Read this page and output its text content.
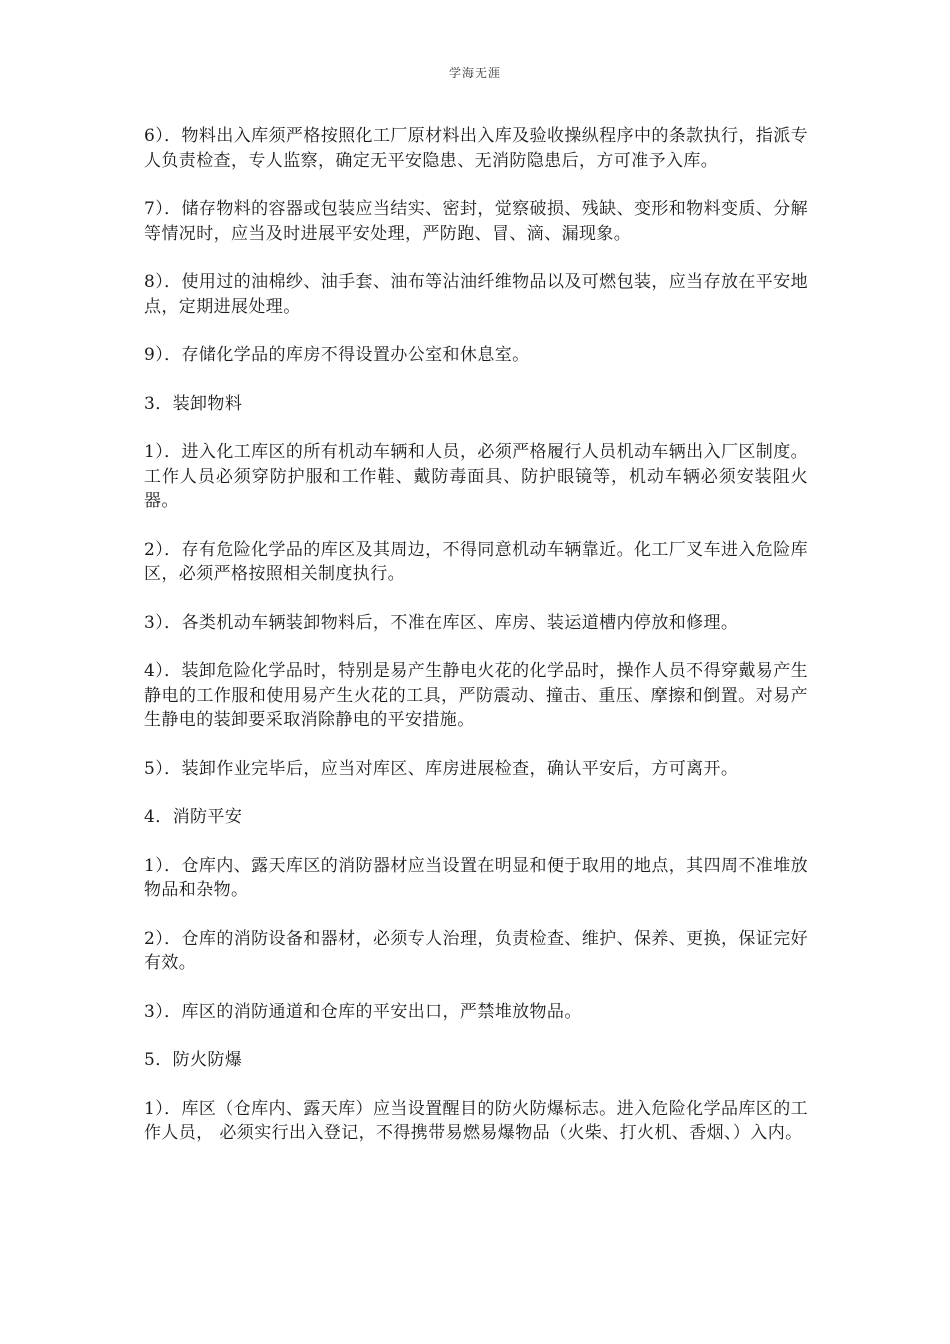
学海无涯

6）．物料出入库须严格按照化工厂原材料出入库及验收操纵程序中的条款执行，指派专人负责检查，专人监察，确定无平安隐患、无消防隐患后，方可准予入库。

7）．储存物料的容器或包装应当结实、密封，觉察破损、残缺、变形和物料变质、分解等情况时，应当及时进展平安处理，严防跑、冒、滴、漏现象。

8）．使用过的油棉纱、油手套、油布等沾油纤维物品以及可燃包装，应当存放在平安地点，定期进展处理。

9）．存储化学品的库房不得设置办公室和休息室。

3．装卸物料

1）．进入化工库区的所有机动车辆和人员，必须严格履行人员机动车辆出入厂区制度。工作人员必须穿防护服和工作鞋、戴防毒面具、防护眼镜等，机动车辆必须安装阻火器。

2）．存有危险化学品的库区及其周边，不得同意机动车辆靠近。化工厂叉车进入危险库区，必须严格按照相关制度执行。

3）．各类机动车辆装卸物料后，不准在库区、库房、装运道槽内停放和修理。

4）．装卸危险化学品时，特别是易产生静电火花的化学品时，操作人员不得穿戴易产生静电的工作服和使用易产生火花的工具，严防震动、撞击、重压、摩擦和倒置。对易产生静电的装卸要采取消除静电的平安措施。

5）．装卸作业完毕后，应当对库区、库房进展检查，确认平安后，方可离开。

4．消防平安

1）．仓库内、露天库区的消防器材应当设置在明显和便于取用的地点，其四周不准堆放物品和杂物。

2）．仓库的消防设备和器材，必须专人治理，负责检查、维护、保养、更换，保证完好有效。

3）．库区的消防通道和仓库的平安出口，严禁堆放物品。

5．防火防爆

1）．库区（仓库内、露天库）应当设置醒目的防火防爆标志。进入危险化学品库区的工作人员， 必须实行出入登记，不得携带易燃易爆物品（火柴、打火机、香烟、）入内。
